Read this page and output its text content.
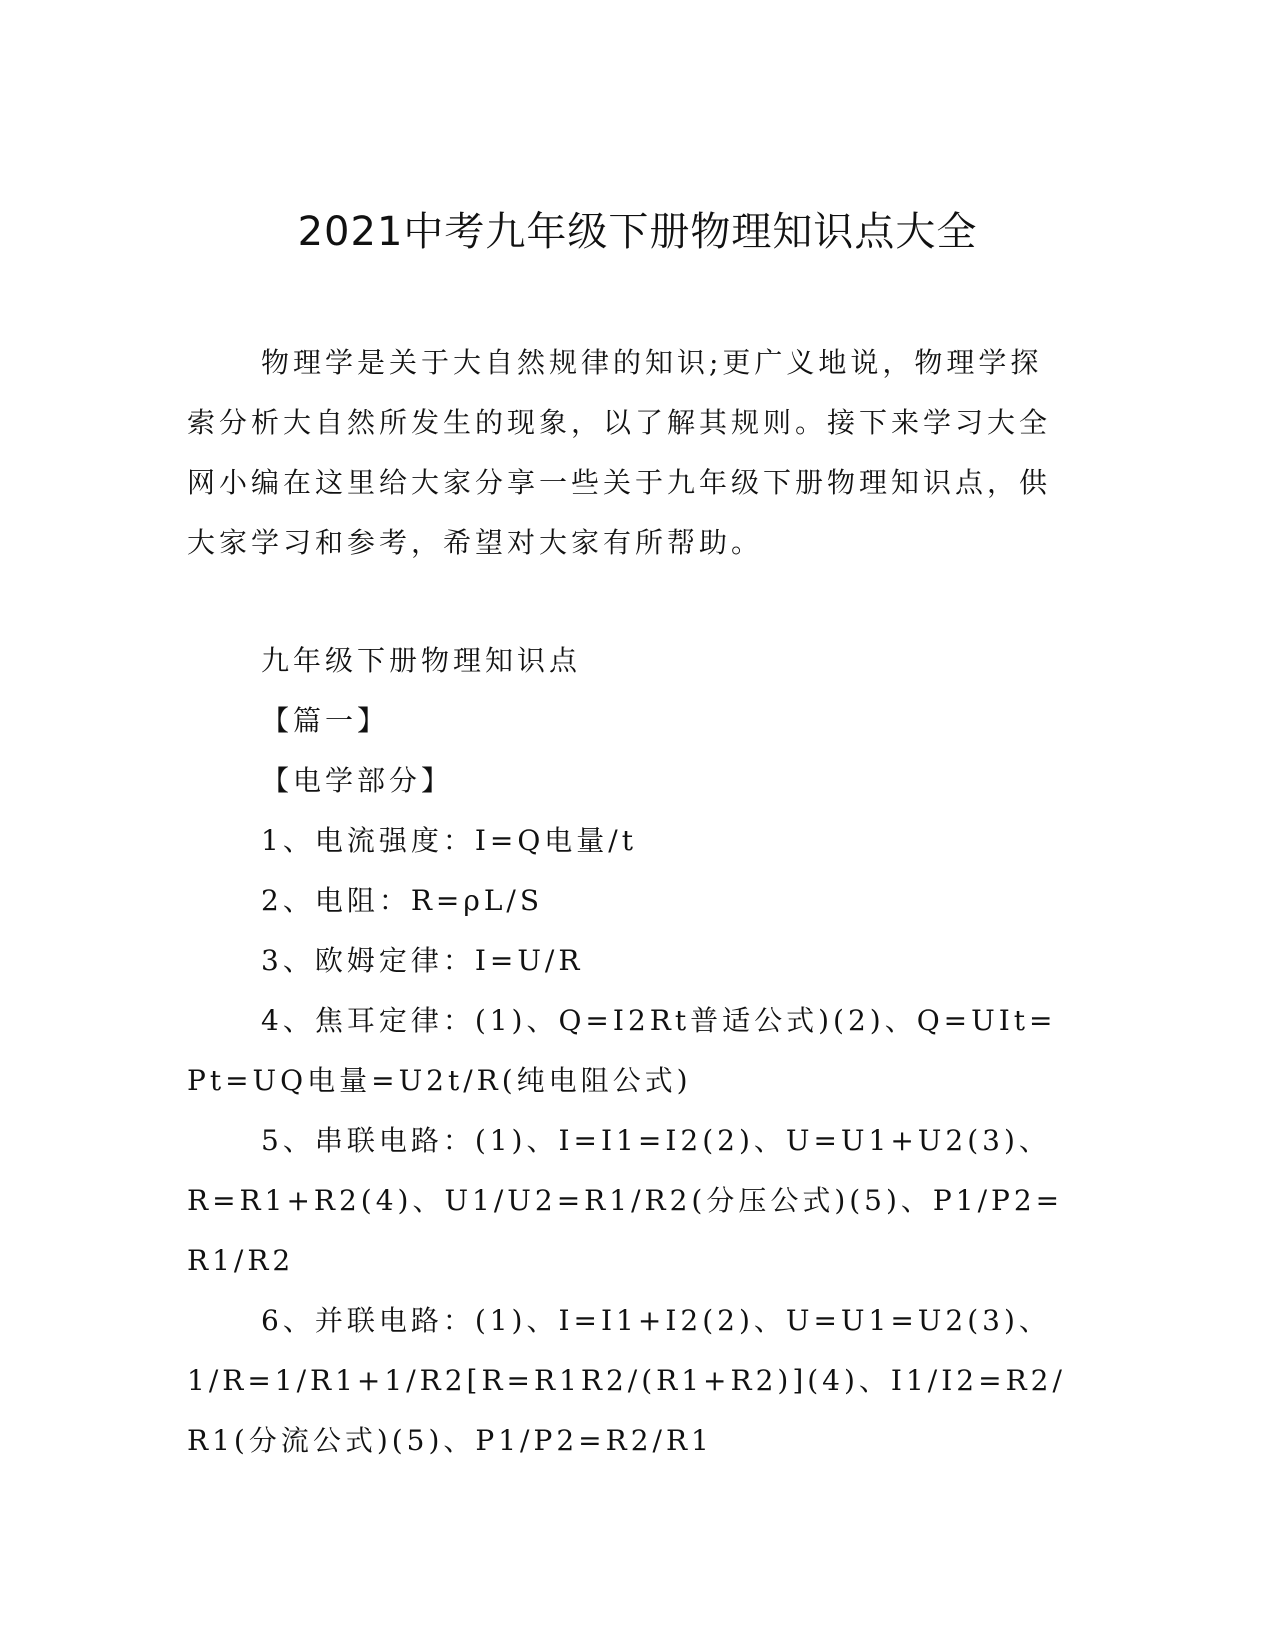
2021中考九年级下册物理知识点大全

物理学是关于大自然规律的知识;更广义地说，物理学探索分析大自然所发生的现象，以了解其规则。接下来学习大全网小编在这里给大家分享一些关于九年级下册物理知识点，供大家学习和参考，希望对大家有所帮助。

九年级下册物理知识点

【篇一】

【电学部分】

1、电流强度：I=Q电量/t

2、电阻：R=ρL/S

3、欧姆定律：I=U/R

4、焦耳定律：(1)、Q=I2Rt普适公式)(2)、Q=UIt=Pt=UQ电量=U2t/R(纯电阻公式)

5、串联电路：(1)、I=I1=I2(2)、U=U1+U2(3)、R=R1+R2(4)、U1/U2=R1/R2(分压公式)(5)、P1/P2=R1/R2

6、并联电路：(1)、I=I1+I2(2)、U=U1=U2(3)、1/R=1/R1+1/R2[R=R1R2/(R1+R2)](4)、I1/I2=R2/R1(分流公式)(5)、P1/P2=R2/R1
